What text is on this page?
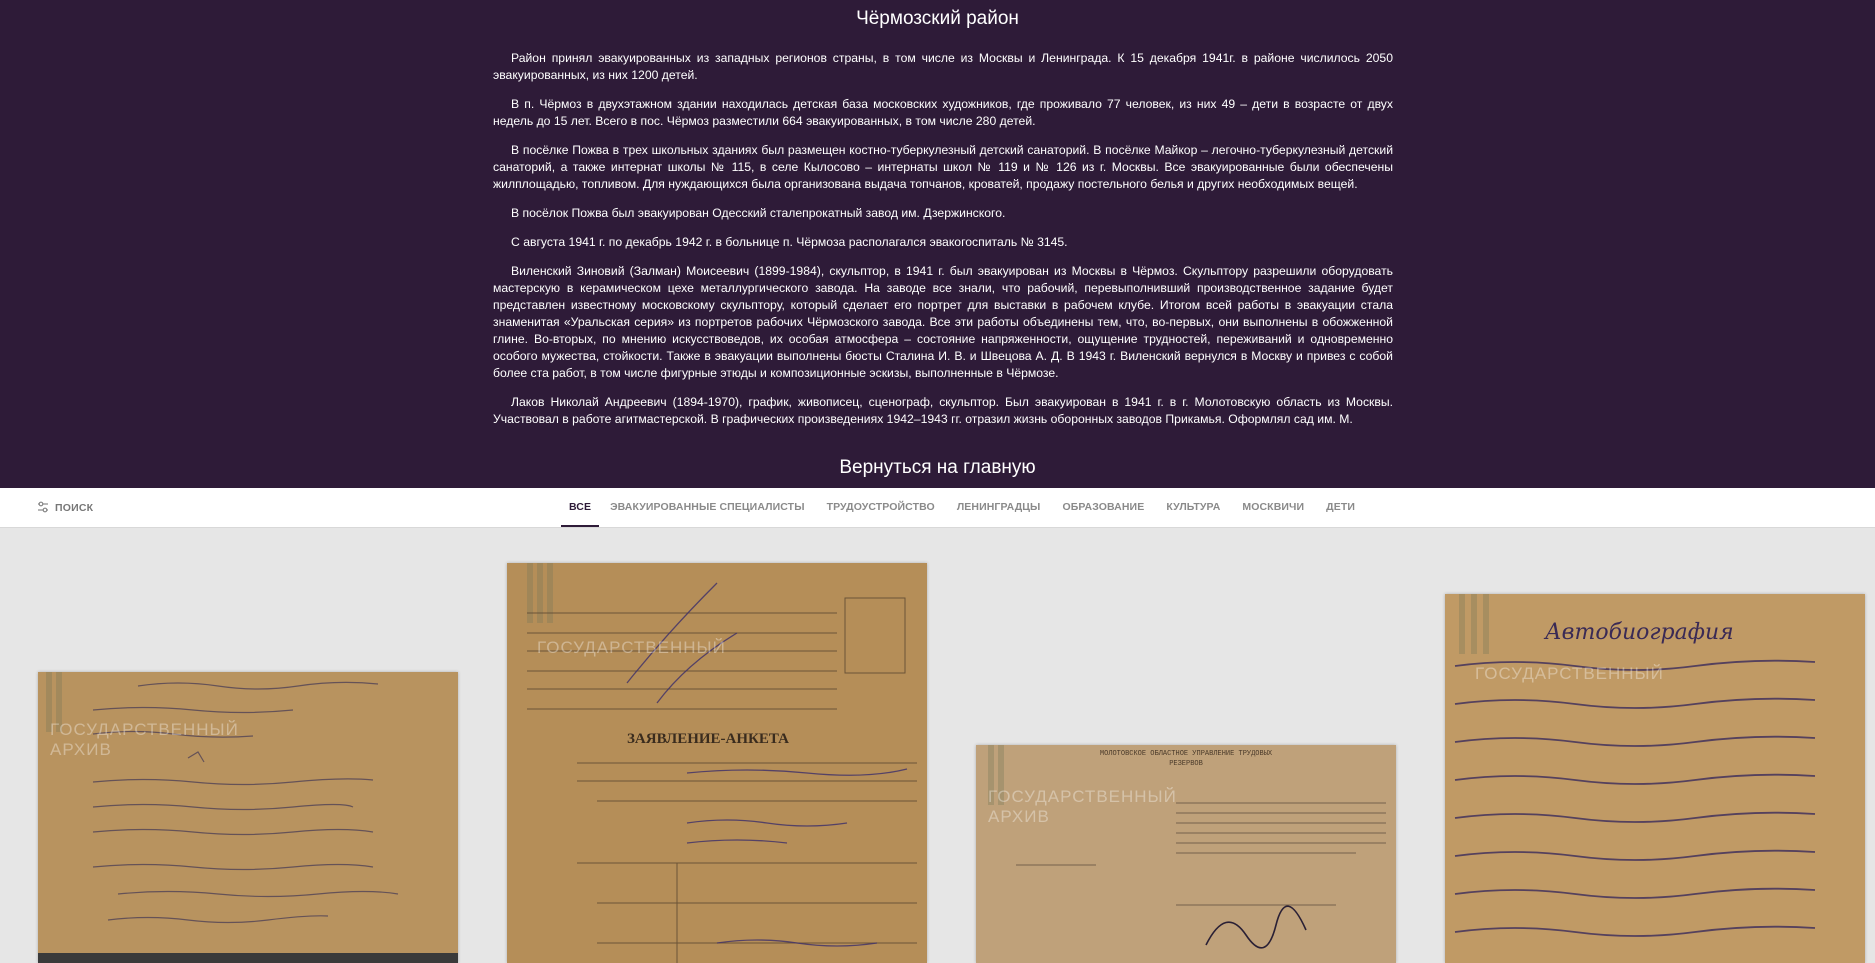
Чёрмозский район

Район принял эвакуированных из западных регионов страны, в том числе из Москвы и Ленинграда. К 15 декабря 1941г. в районе числилось 2050 эвакуированных, из них 1200 детей.

В п. Чёрмоз в двухэтажном здании находилась детская база московских художников, где проживало 77 человек, из них 49 – дети в возрасте от двух недель до 15 лет. Всего в пос. Чёрмоз разместили 664 эвакуированных, в том числе 280 детей.

В посёлке Пожва в трех школьных зданиях был размещен костно-туберкулезный детский санаторий. В посёлке Майкор – легочно-туберкулезный детский санаторий, а также интернат школы № 115, в селе Кылосово – интернаты школ № 119 и № 126 из г. Москвы. Все эвакуированные были обеспечены жилплощадью, топливом. Для нуждающихся была организована выдача топчанов, кроватей, продажу постельного белья и других необходимых вещей.

В посёлок Пожва был эвакуирован Одесский сталепрокатный завод им. Дзержинского.

С августа 1941 г. по декабрь 1942 г. в больнице п. Чёрмоза располагался эвакогоспиталь № 3145.

Виленский Зиновий (Залман) Моисеевич (1899-1984), скульптор, в 1941 г. был эвакуирован из Москвы в Чёрмоз. Скульптору разрешили оборудовать мастерскую в керамическом цехе металлургического завода. На заводе все знали, что рабочий, перевыполнивший производственное задание будет представлен известному московскому скульптору, который сделает его портрет для выставки в рабочем клубе. Итогом всей работы в эвакуации стала знаменитая «Уральская серия» из портретов рабочих Чёрмозского завода. Все эти работы объединены тем, что, во-первых, они выполнены в обожженной глине. Во-вторых, по мнению искусствоведов, их особая атмосфера – состояние напряженности, ощущение трудностей, переживаний и одновременно особого мужества, стойкости. Также в эвакуации выполнены бюсты Сталина И. В. и Швецова А. Д. В 1943 г. Виленский вернулся в Москву и привез с собой более ста работ, в том числе фигурные этюды и композиционные эскизы, выполненные в Чёрмозе.

Лаков Николай Андреевич (1894-1970), график, живописец, сценограф, скульптор. Был эвакуирован в 1941 г. в г. Молотовскую область из Москвы. Участвовал в работе агитмастерской. В графических произведениях 1942–1943 гг. отразил жизнь оборонных заводов Прикамья. Оформлял сад им. М.

Вернуться на главную
ПОИСК	ВСЕ	ЭВАКУИРОВАННЫЕ СПЕЦИАЛИСТЫ	ТРУДОУСТРОЙСТВО	ЛЕНИНГРАДЦЫ	ОБРАЗОВАНИЕ	КУЛЬТУРА	МОСКВИЧИ	ДЕТИ
ГОСУДАРСТВЕННЫЙ АРХИВ
ЗАЯВЛЕНИЕ-АНКЕТА
ГОСУДАРСТВЕННЫЙ
МОЛОТОВСКОЕ ОБЛАСТНОЕ УПРАВЛЕНИЕ ТРУДОВЫХ РЕЗЕРВОВ
ГОСУДАРСТВЕННЫЙ АРХИВ
Автобиография
ГОСУДАРСТВЕННЫЙ
